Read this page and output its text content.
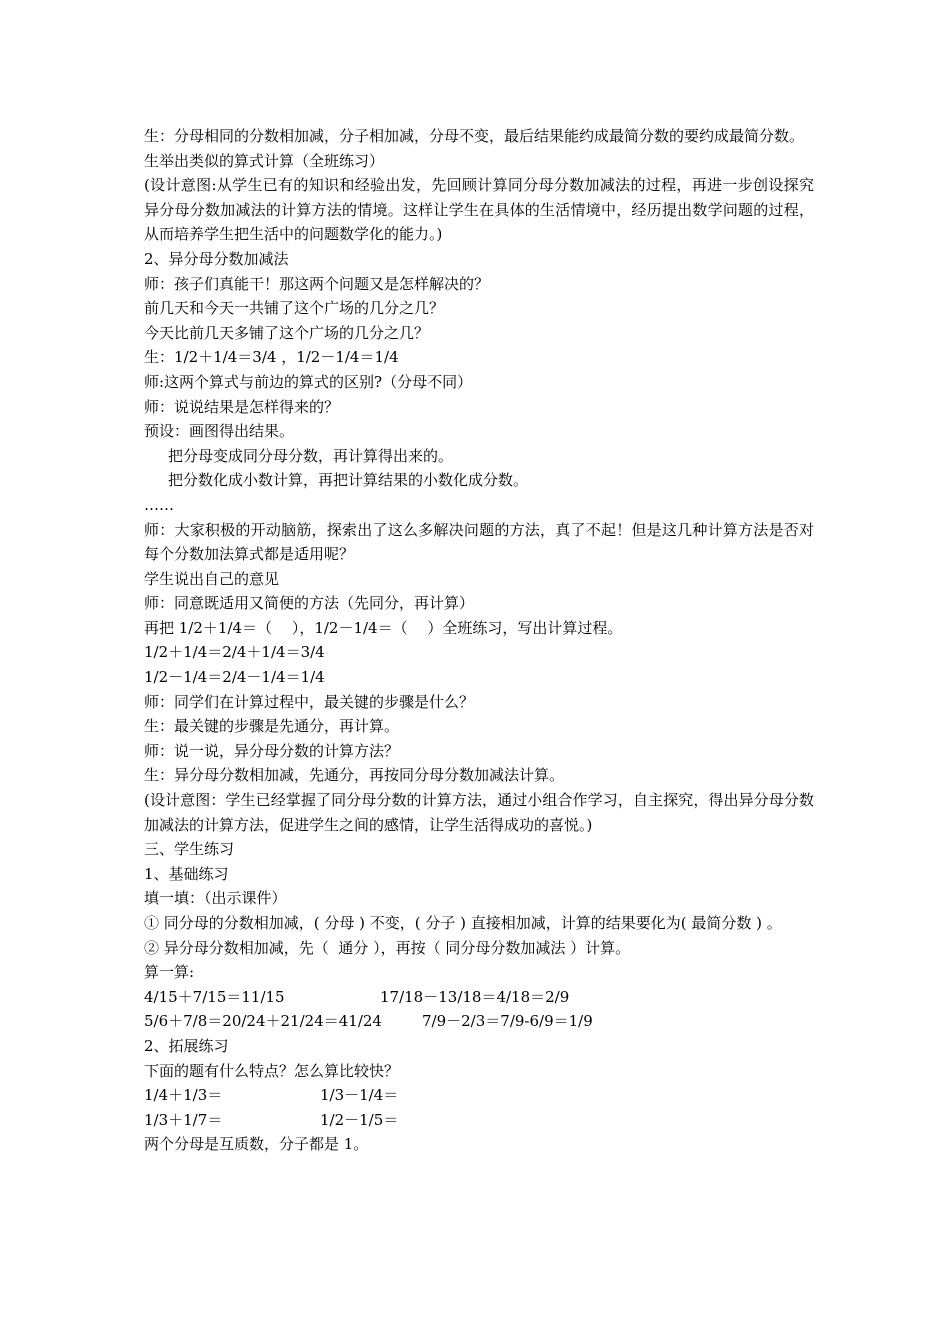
生：分母相同的分数相加减，分子相加减，分母不变，最后结果能约成最简分数的要约成最简分数。
生举出类似的算式计算（全班练习）
(设计意图:从学生已有的知识和经验出发，先回顾计算同分母分数加减法的过程，再进一步创设探究异分母分数加减法的计算方法的情境。这样让学生在具体的生活情境中，经历提出数学问题的过程，从而培养学生把生活中的问题数学化的能力。)
2、异分母分数加减法
师：孩子们真能干！那这两个问题又是怎样解决的？
前几天和今天一共铺了这个广场的几分之几？
今天比前几天多铺了这个广场的几分之几？
生：1/2＋1/4＝3/4 ，1/2－1/4＝1/4
师:这两个算式与前边的算式的区别?（分母不同）
师：说说结果是怎样得来的？
预设：画图得出结果。
把分母变成同分母分数，再计算得出来的。
把分数化成小数计算，再把计算结果的小数化成分数。
……
师：大家积极的开动脑筋，探索出了这么多解决问题的方法，真了不起！但是这几种计算方法是否对每个分数加法算式都是适用呢？
学生说出自己的意见
师：同意既适用又简便的方法（先同分，再计算）
再把 1/2＋1/4＝（　 ），1/2－1/4＝（　 ）全班练习，写出计算过程。
1/2＋1/4＝2/4＋1/4＝3/4
1/2－1/4＝2/4－1/4＝1/4
师：同学们在计算过程中，最关键的步骤是什么？
生：最关键的步骤是先通分，再计算。
师：说一说，异分母分数的计算方法？
生：异分母分数相加减，先通分，再按同分母分数加减法计算。
(设计意图：学生已经掌握了同分母分数的计算方法，通过小组合作学习，自主探究，得出异分母分数加减法的计算方法，促进学生之间的感情，让学生活得成功的喜悦。)
三、学生练习
1、基础练习
填一填：（出示课件）
① 同分母的分数相加减，( 分母 ) 不变，( 分子 ) 直接相加减，计算的结果要化为( 最简分数 ) 。
② 异分母分数相加减，先（  通分 ），再按（ 同分母分数加减法 ）计算。
算一算:
4/15＋7/15＝11/15	17/18－13/18＝4/18＝2/9
5/6＋7/8＝20/24＋21/24＝41/24	7/9－2/3＝7/9-6/9＝1/9
2、拓展练习
下面的题有什么特点？怎么算比较快？
1/4＋1/3＝	1/3－1/4＝
1/3＋1/7＝	1/2－1/5＝
两个分母是互质数，分子都是 1。
